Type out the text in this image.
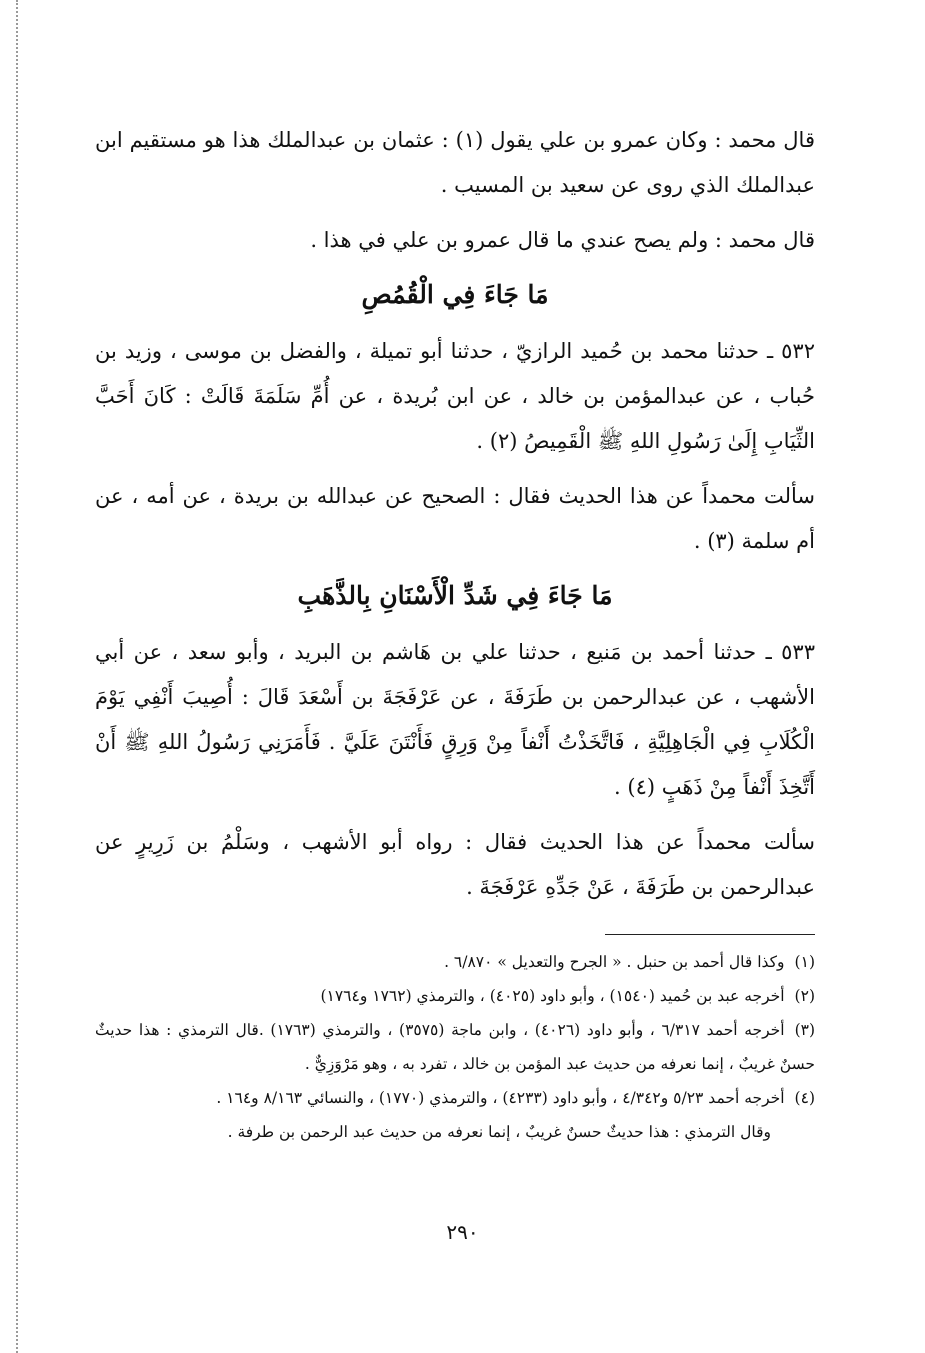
قال محمد : وكان عمرو بن علي يقول (١) : عثمان بن عبدالملك هذا هو مستقيم ابن عبدالملك الذي روى عن سعيد بن المسيب .

قال محمد : ولم يصح عندي ما قال عمرو بن علي في هذا .

مَا جَاءَ فِي الْقُمُصِ

٥٣٢ ـ حدثنا محمد بن حُميد الرازيّ ، حدثنا أبو تميلة ، والفضل بن موسى ، وزيد بن حُباب ، عن عبدالمؤمن بن خالد ، عن ابن بُريدة ، عن أُمِّ سَلَمَةَ قَالَتْ : كَانَ أَحَبَّ الثِّيَابِ إِلَىٰ رَسُولِ اللهِ ﷺ الْقَمِيصُ (٢) .

سألت محمداً عن هذا الحديث فقال : الصحيح عن عبدالله بن بريدة ، عن أمه ، عن أم سلمة (٣) .

مَا جَاءَ فِي شَدِّ الْأَسْنَانِ بِالذَّهَبِ

٥٣٣ ـ حدثنا أحمد بن مَنيع ، حدثنا علي بن هَاشم بن البريد ، وأبو سعد ، عن أبي الأشهب ، عن عبدالرحمن بن طَرَفَةَ ، عن عَرْفَجَةَ بن أَسْعَدَ قَالَ : أُصِيبَ أَنْفِي يَوْمَ الْكُلَابِ فِي الْجَاهِلِيَّةِ ، فَاتَّخَذْتُ أَنْفاً مِنْ وَرِقٍ فَأَنْتَنَ عَلَيَّ . فَأَمَرَنِي رَسُولُ اللهِ ﷺ أَنْ أَتَّخِذَ أَنْفاً مِنْ ذَهَبٍ (٤) .

سألت محمداً عن هذا الحديث فقال : رواه أبو الأشهب ، وسَلْمُ بن زَرِيرٍ عن عبدالرحمن بن طَرَفَةَ ، عَنْ جَدِّهِ عَرْفَجَةَ .

(١)وكذا قال أحمد بن حنبل . « الجرح والتعديل » ٦/٨٧٠ .

(٢)أخرجه عبد بن حُميد (١٥٤٠) ، وأبو داود (٤٠٢٥) ، والترمذي (١٧٦٢ و١٧٦٤)

(٣)أخرجه أحمد ٦/٣١٧ ، وأبو داود (٤٠٢٦) ، وابن ماجة (٣٥٧٥) ، والترمذي (١٧٦٣) .قال الترمذي : هذا حديثٌ حسنٌ غريبٌ ، إنما نعرفه من حديث عبد المؤمن بن خالد ، تفرد به ، وهو مَرْوَزِيٌّ .

(٤)أخرجه أحمد ٥/٢٣ و٤/٣٤٢ ، وأبو داود (٤٢٣٣) ، والترمذي (١٧٧٠) ، والنسائي ٨/١٦٣ و١٦٤ .

وقال الترمذي : هذا حديثٌ حسنٌ غريبٌ ، إنما نعرفه من حديث عبد الرحمن بن طرفة .

٢٩٠
